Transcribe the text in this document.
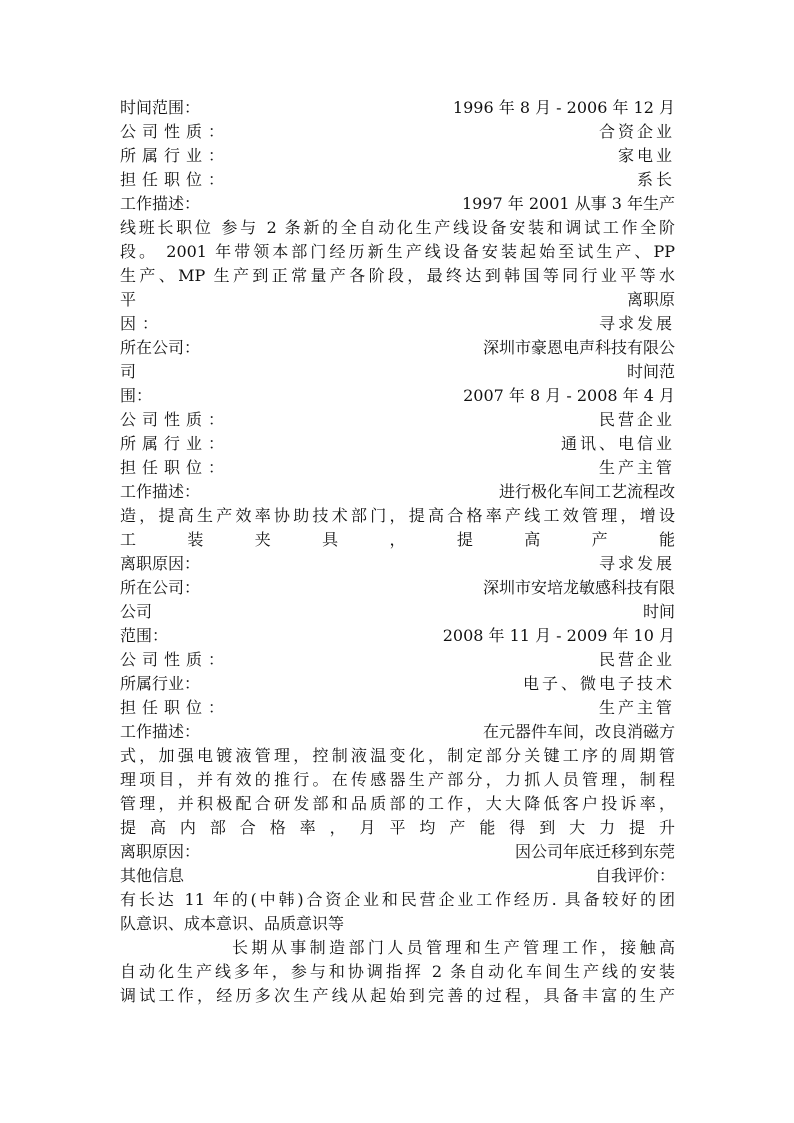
时间范围：	1996 年 8 月 - 2006 年 12 月
公司性质：	合资企业
所属行业：	家电业
担任职位：	系长
工作描述：	1997 年 2001 从事 3 年生产
线班长职位 参与 2 条新的全自动化生产线设备安装和调试工作全阶
段。 2001 年带领本部门经历新生产线设备安装起始至试生产、PP
生产、MP 生产到正常量产各阶段，最终达到韩国等同行业平等水
平	离职原
因：	寻求发展
所在公司：	深圳市豪恩电声科技有限公
司	时间范
围：	2007 年 8 月 - 2008 年 4 月
公司性质：	民营企业
所属行业：	通讯、电信业
担任职位：	生产主管
工作描述：	进行极化车间工艺流程改
造，提高生产效率协助技术部门，提高合格率产线工效管理，增设
工装夹具，提高产能
离职原因：	寻求发展
所在公司：	深圳市安培龙敏感科技有限
公司	时间
范围：	2008 年 11 月 - 2009 年 10 月
公司性质：	民营企业
所属行业：	电子、微电子技术
担任职位：	生产主管
工作描述：	在元器件车间，改良消磁方
式，加强电镀液管理，控制液温变化，制定部分关键工序的周期管
理项目，并有效的推行。在传感器生产部分，力抓人员管理，制程
管理，并积极配合研发部和品质部的工作，大大降低客户投诉率，
提高内部合格率，月平均产能得到大力提升
离职原因：	因公司年底迁移到东莞
其他信息	自我评价：
有长达 11 年的(中韩)合资企业和民营企业工作经历. 具备较好的团
队意识、成本意识、品质意识等
长期从事制造部门人员管理和生产管理工作，接触高
自动化生产线多年，参与和协调指挥 2 条自动化车间生产线的安装
调试工作，经历多次生产线从起始到完善的过程，具备丰富的生产
